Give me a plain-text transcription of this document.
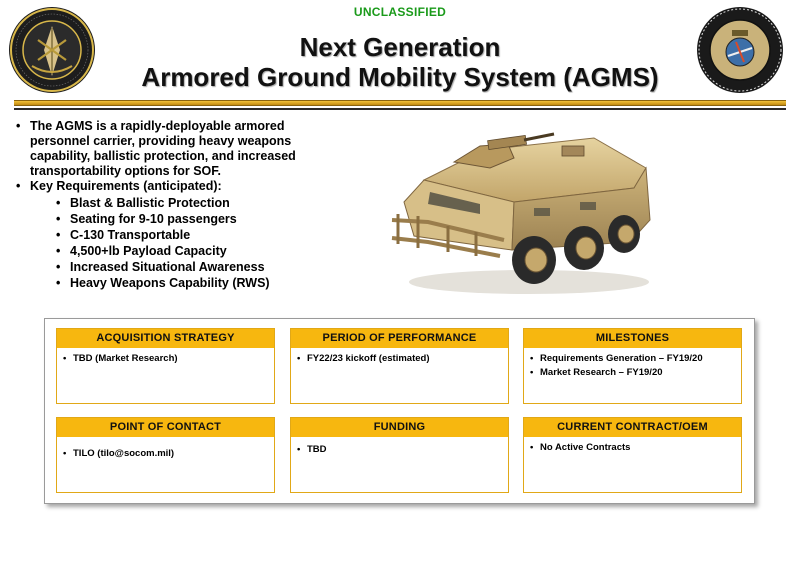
UNCLASSIFIED
Next Generation
Armored Ground Mobility System (AGMS)
• The AGMS is a rapidly-deployable armored personnel carrier, providing heavy weapons capability, ballistic protection, and increased transportability options for SOF.
• Key Requirements (anticipated):
• Blast & Ballistic Protection
• Seating for 9-10 passengers
• C-130 Transportable
• 4,500+lb Payload Capacity
• Increased Situational Awareness
• Heavy Weapons Capability (RWS)
ACQUISITION STRATEGY
• TBD (Market Research)
PERIOD OF PERFORMANCE
• FY22/23 kickoff (estimated)
MILESTONES
• Requirements Generation – FY19/20
• Market Research – FY19/20
POINT OF CONTACT
• TILO (tilo@socom.mil)
FUNDING
• TBD
CURRENT CONTRACT/OEM
• No Active Contracts
